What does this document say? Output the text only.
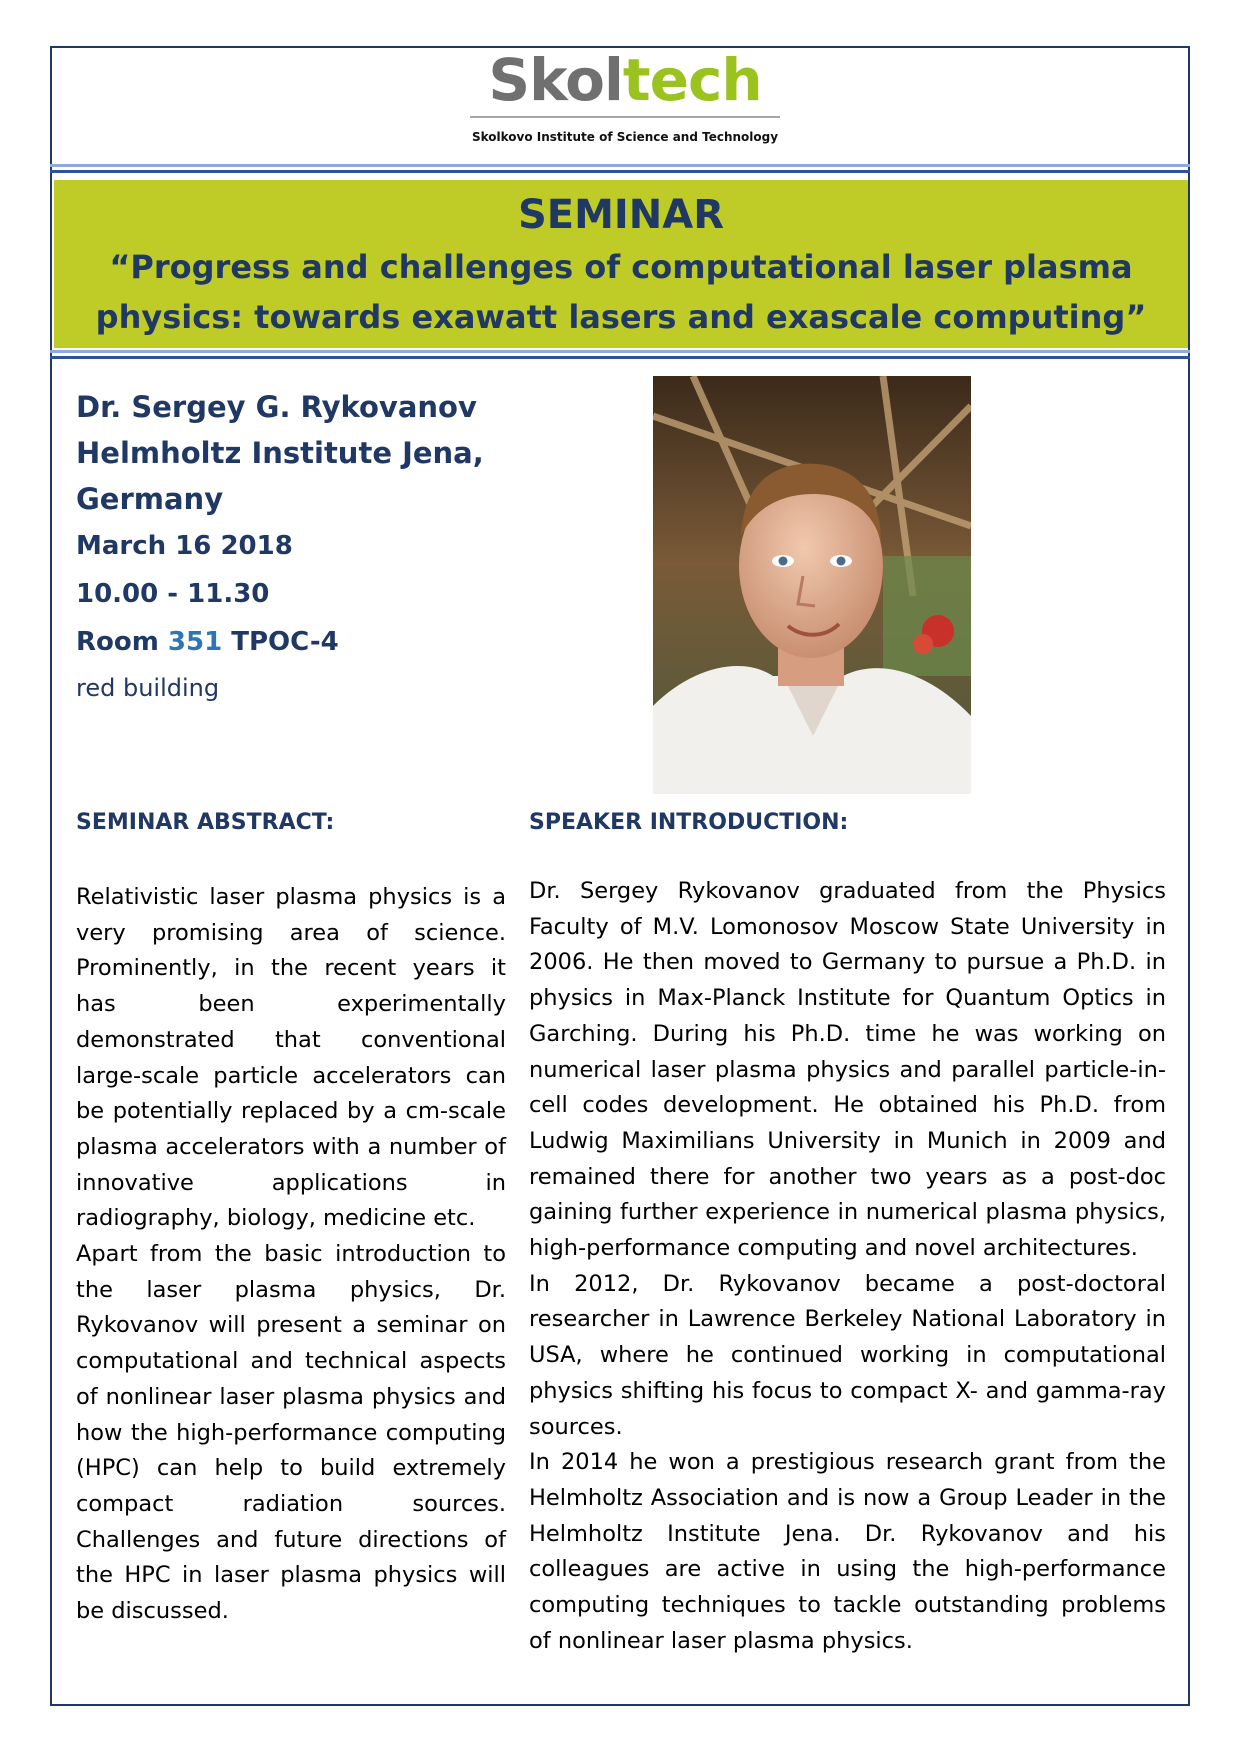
Skoltech
Skolkovo Institute of Science and Technology
SEMINAR
“Progress and challenges of computational laser plasma physics: towards exawatt lasers and exascale computing”
Dr. Sergey G. Rykovanov
Helmholtz Institute Jena,
Germany
March 16 2018
10.00 - 11.30
Room 351 TPOC-4
red building
SEMINAR ABSTRACT:	SPEAKER INTRODUCTION:

Relativistic laser plasma physics is a very promising area of science. Prominently, in the recent years it has been experimentally demonstrated that conventional large-scale particle accelerators can be potentially replaced by a cm-scale plasma accelerators with a number of innovative applications in radiography, biology, medicine etc.

Apart from the basic introduction to the laser plasma physics, Dr. Rykovanov will present a seminar on computational and technical aspects of nonlinear laser plasma physics and how the high-performance computing (HPC) can help to build extremely compact radiation sources. Challenges and future directions of the HPC in laser plasma physics will be discussed.

Dr. Sergey Rykovanov graduated from the Physics Faculty of M.V. Lomonosov Moscow State University in 2006. He then moved to Germany to pursue a Ph.D. in physics in Max-Planck Institute for Quantum Optics in Garching. During his Ph.D. time he was working on numerical laser plasma physics and parallel particle-in-cell codes development. He obtained his Ph.D. from Ludwig Maximilians University in Munich in 2009 and remained there for another two years as a post-doc gaining further experience in numerical plasma physics, high-performance computing and novel architectures.

In 2012, Dr. Rykovanov became a post-doctoral researcher in Lawrence Berkeley National Laboratory in USA, where he continued working in computational physics shifting his focus to compact X- and gamma-ray sources.

In 2014 he won a prestigious research grant from the Helmholtz Association and is now a Group Leader in the Helmholtz Institute Jena. Dr. Rykovanov and his colleagues are active in using the high-performance computing techniques to tackle outstanding problems of nonlinear laser plasma physics.
